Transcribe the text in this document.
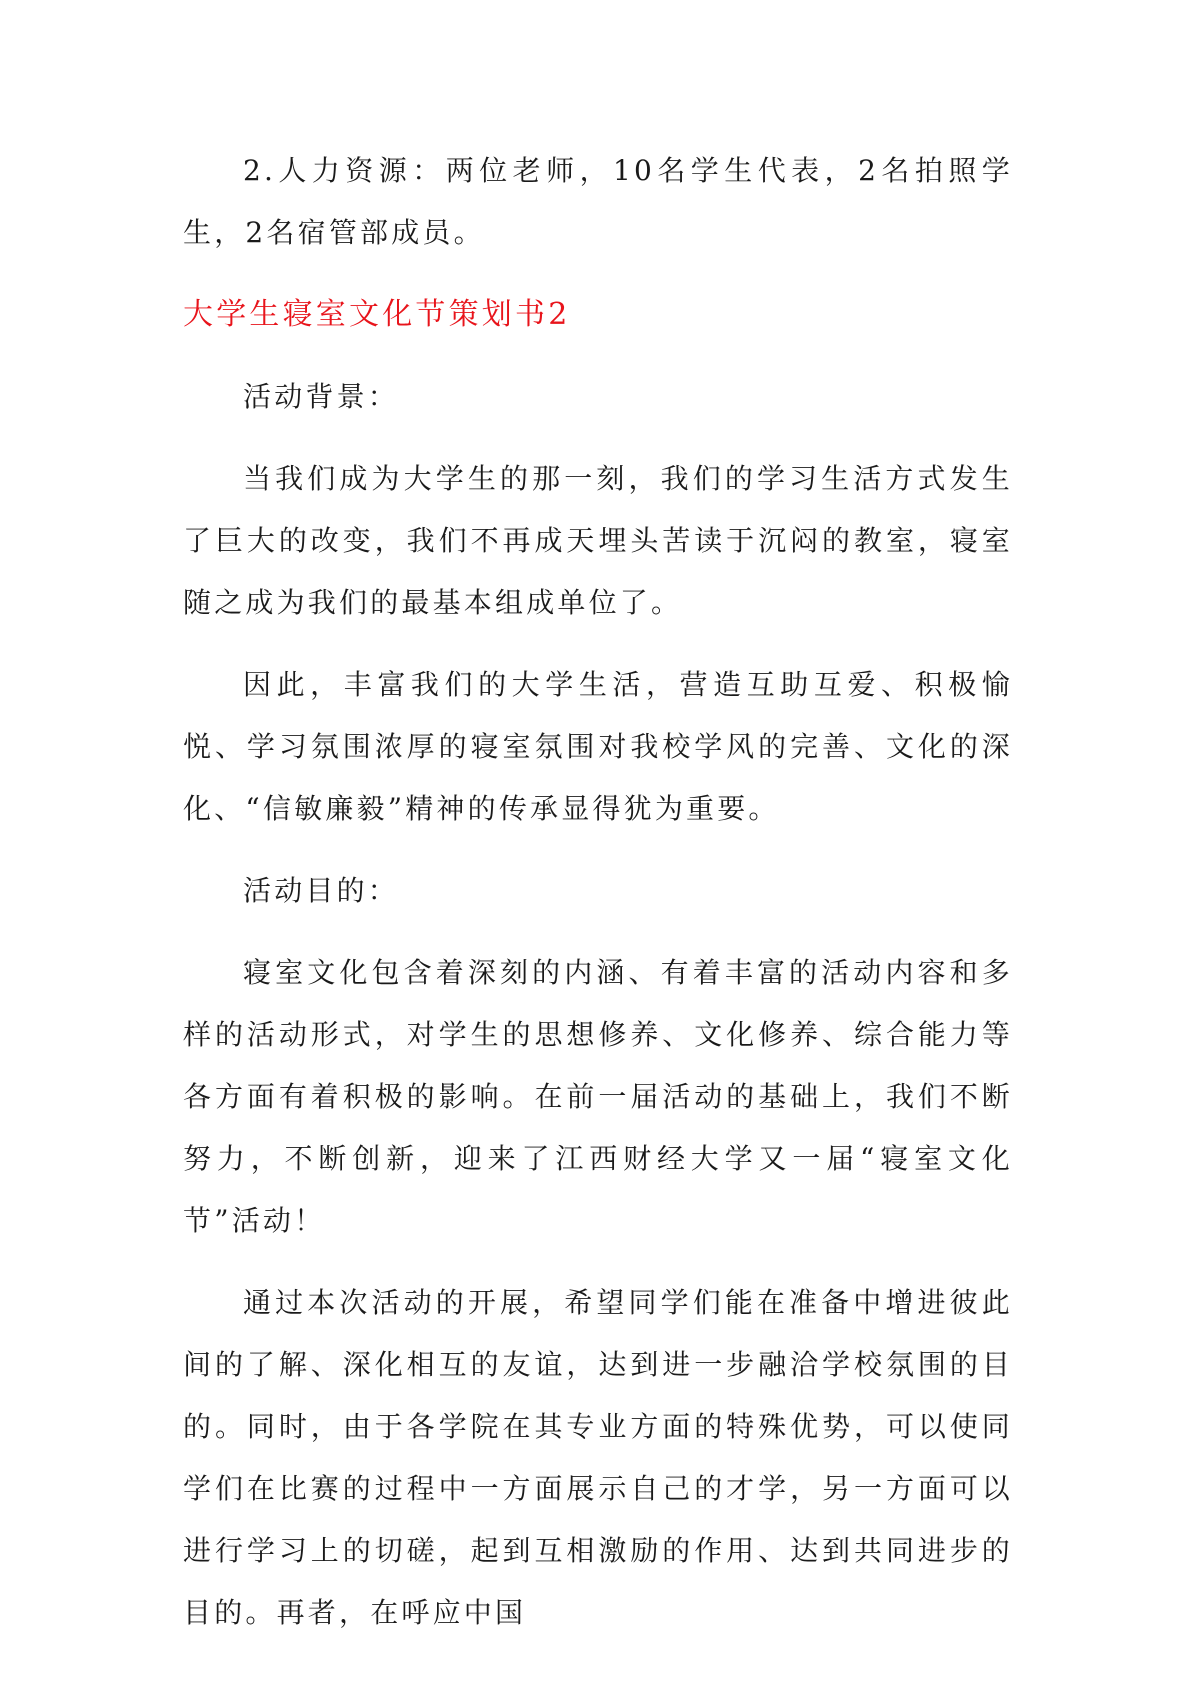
2.人力资源：两位老师，10名学生代表，2名拍照学生，2名宿管部成员。

大学生寝室文化节策划书2

活动背景：

当我们成为大学生的那一刻，我们的学习生活方式发生了巨大的改变，我们不再成天埋头苦读于沉闷的教室，寝室随之成为我们的最基本组成单位了。

因此，丰富我们的大学生活，营造互助互爱、积极愉悦、学习氛围浓厚的寝室氛围对我校学风的完善、文化的深化、“信敏廉毅”精神的传承显得犹为重要。

活动目的：

寝室文化包含着深刻的内涵、有着丰富的活动内容和多样的活动形式，对学生的思想修养、文化修养、综合能力等各方面有着积极的影响。在前一届活动的基础上，我们不断努力，不断创新，迎来了江西财经大学又一届“寝室文化节”活动！

通过本次活动的开展，希望同学们能在准备中增进彼此间的了解、深化相互的友谊，达到进一步融洽学校氛围的目的。同时，由于各学院在其专业方面的特殊优势，可以使同学们在比赛的过程中一方面展示自己的才学，另一方面可以进行学习上的切磋，起到互相激励的作用、达到共同进步的目的。再者，在呼应中国
